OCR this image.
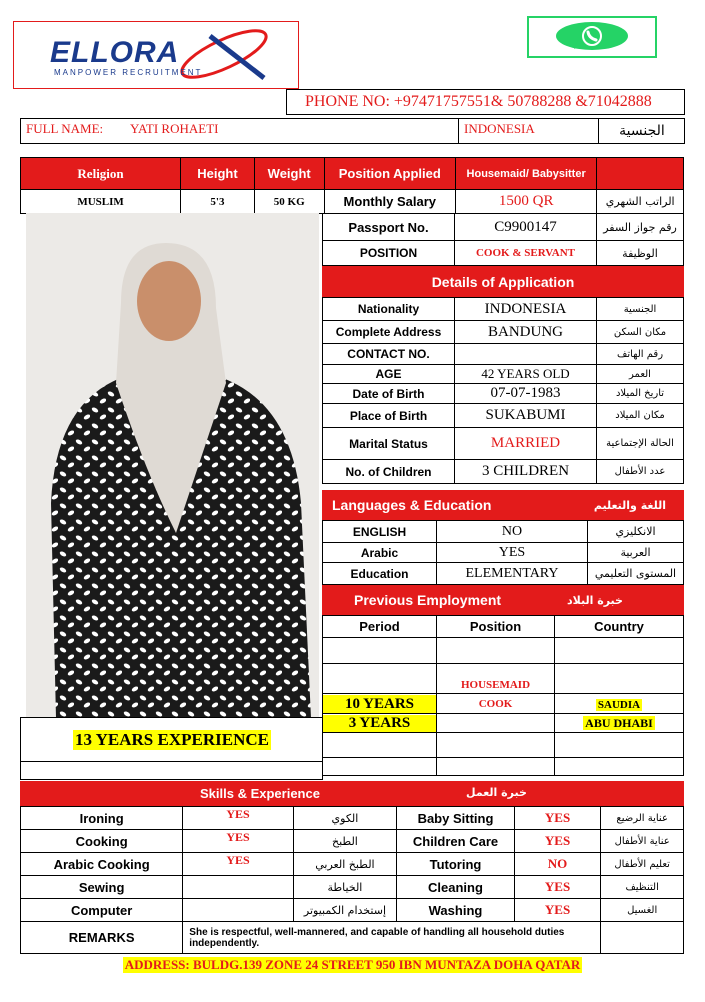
ELLORA
MANPOWER RECRUITMENT
PHONE NO: +97471757551& 50788288 &71042888
FULL NAME: YATI ROHAETI	INDONESIA	الجنسية
Religion	Height	Weight	Position Applied	Housemaid/ Babysitter	
MUSLIM	5'3	50 KG	Monthly Salary	1500 QR	الراتب الشهري
Passport No.	C9900147	رقم جواز السفر
POSITION	COOK & SERVANT	الوظيفة
Details of Application
Nationality	INDONESIA	الجنسية
Complete Address	BANDUNG	مكان السكن
CONTACT NO.		رقم الهاتف
AGE	42 YEARS OLD	العمر
Date of Birth	07-07-1983	تاريخ الميلاد
Place of Birth	SUKABUMI	مكان الميلاد
Marital Status	MARRIED	الحالة الإجتماعية
No. of Children	3 CHILDREN	عدد الأطفال
Languages & Education	اللغة والتعليم
ENGLISH	NO	الانكليزي
Arabic	YES	العربية
Education	ELEMENTARY	المستوى التعليمي
Previous Employment	خبرة البلاد
Period	Position	Country

	HOUSEMAID	

10 YEARS	COOK	SAUDIA

3 YEARS		ABU DHABI

13 YEARS EXPERIENCE
Skills & Experience	خبرة العمل
Ironing	YES	الكوي	Baby Sitting	YES	عناية الرضيع
Cooking	YES	الطبخ	Children Care	YES	عناية الأطفال
Arabic Cooking	YES	الطبخ العربي	Tutoring	NO	تعليم الأطفال
Sewing		الخياطة	Cleaning	YES	التنظيف
Computer		إستخدام الكمبيوتر	Washing	YES	الغسيل
REMARKS	She is respectful, well-mannered, and capable of handling all household duties independently.				
ADDRESS: BULDG.139 ZONE 24 STREET 950 IBN MUNTAZA DOHA QATAR
